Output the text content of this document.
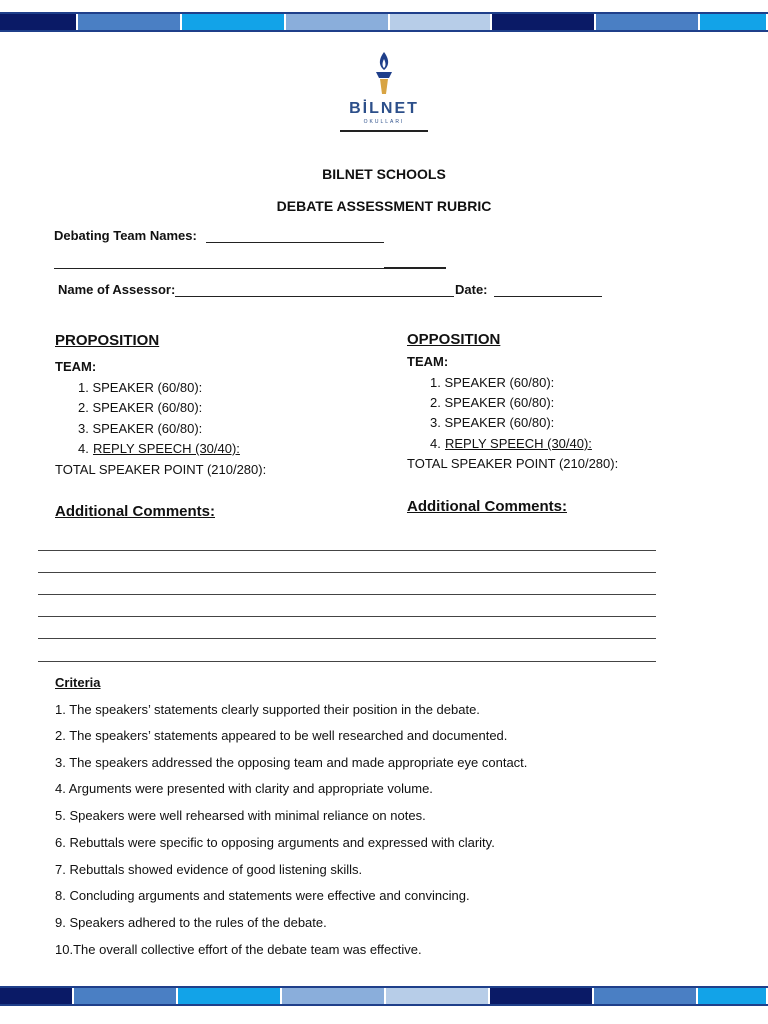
BİLNET
OKULLARI
BILNET SCHOOLS
DEBATE ASSESSMENT RUBRIC
Debating Team Names:
Name of Assessor:	Date:
PROPOSITION
TEAM:
1. SPEAKER (60/80):
2. SPEAKER (60/80):
3. SPEAKER (60/80):
4. REPLY SPEECH (30/40):
TOTAL SPEAKER POINT (210/280):
Additional Comments:
OPPOSITION
TEAM:
1. SPEAKER (60/80):
2. SPEAKER (60/80):
3. SPEAKER (60/80):
4. REPLY SPEECH (30/40):
TOTAL SPEAKER POINT (210/280):
Additional Comments:
Criteria
1. The speakers’ statements clearly supported their position in the debate.
2. The speakers’ statements appeared to be well researched and documented.
3. The speakers addressed the opposing team and made appropriate eye contact.
4. Arguments were presented with clarity and appropriate volume.
5. Speakers were well rehearsed with minimal reliance on notes.
6. Rebuttals were specific to opposing arguments and expressed with clarity.
7. Rebuttals showed evidence of good listening skills.
8. Concluding arguments and statements were effective and convincing.
9. Speakers adhered to the rules of the debate.
10.The overall collective effort of the debate team was effective.
